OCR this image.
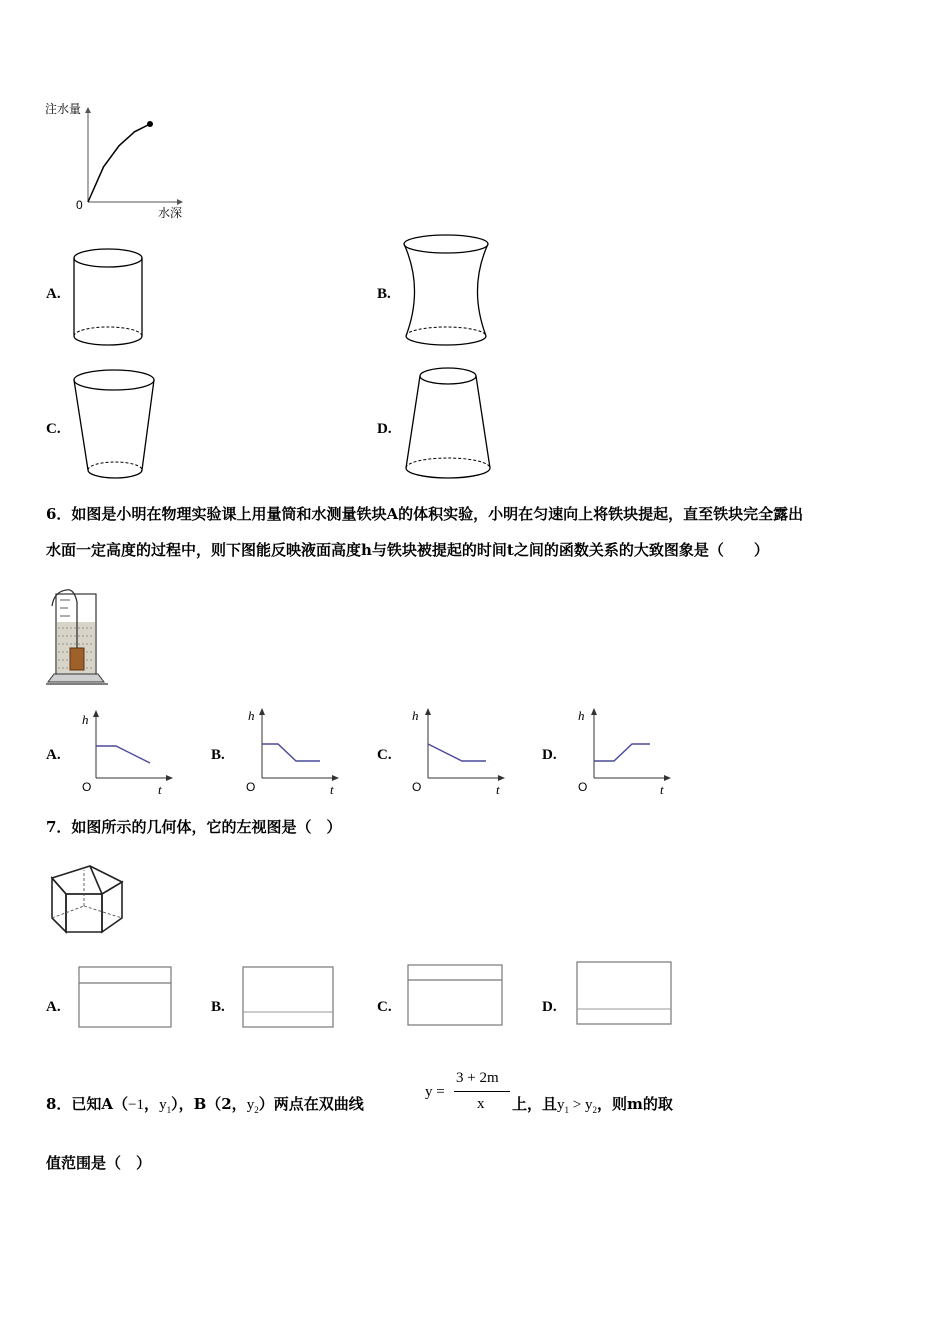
注水量
水深
0
A.	B.
C.	D.
6．如图是小明在物理实验课上用量筒和水测量铁块A的体积实验，小明在匀速向上将铁块提起，直至铁块完全露出
水面一定高度的过程中，则下图能反映液面高度h与铁块被提起的时间t之间的函数关系的大致图象是（　　）
A.
h
t
O
B.
h
t
O
C.
h
t
O
D.
h
t
O
7．如图所示的几何体，它的左视图是（　）
A.	B.	C.	D.
8．已知A（−1，$y_1$），B（2，$y_2$）两点在双曲线
y =
3 + 2m
x 上，且$y_1 > y_2$，则m的取
值范围是（　）
